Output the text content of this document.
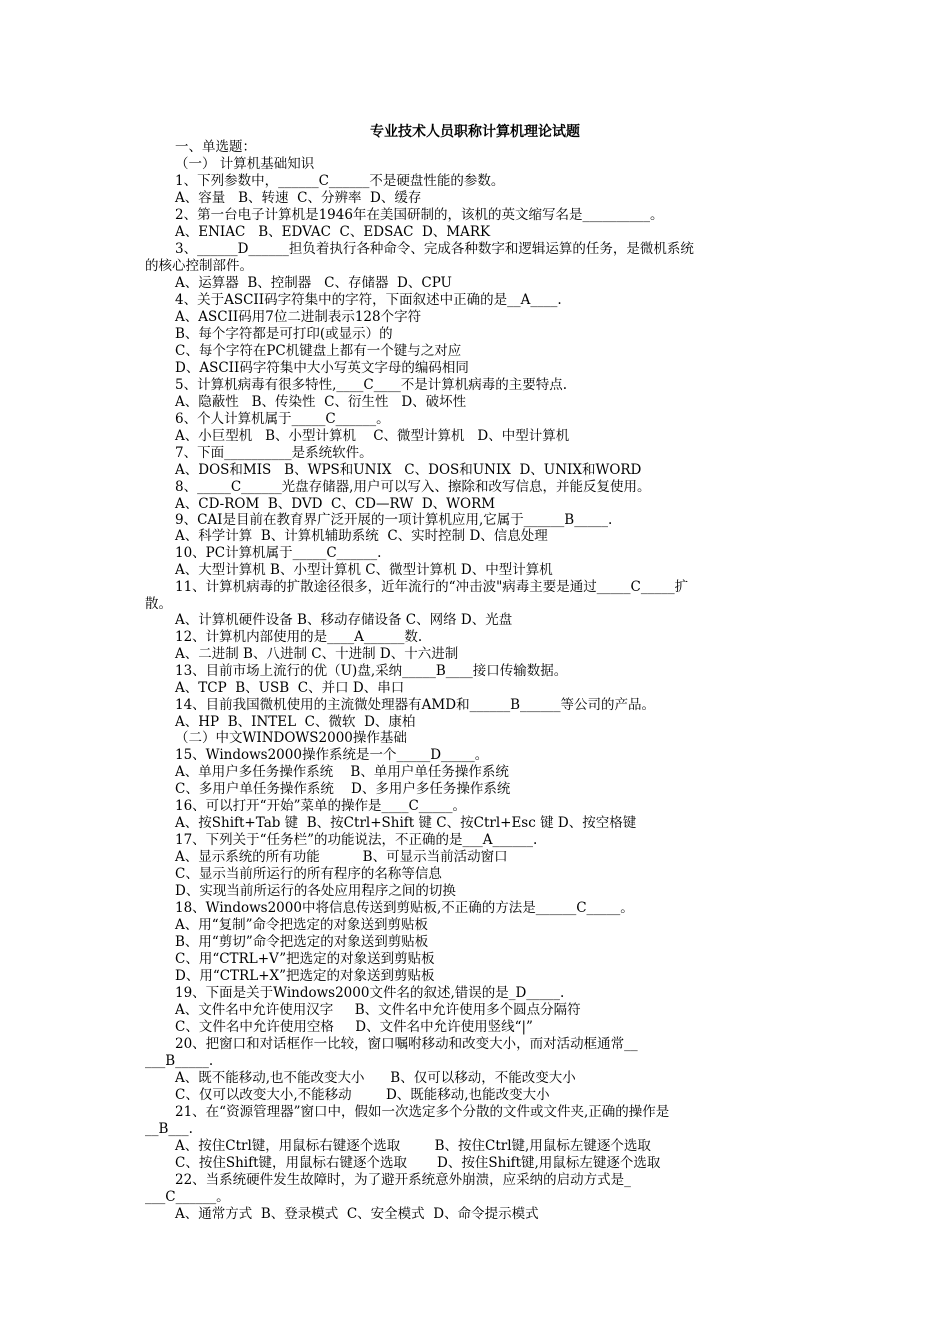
专业技术人员职称计算机理论试题
一、单选题：
（一） 计算机基础知识
1、下列参数中，______C______不是硬盘性能的参数。
A、容量   B、转速  C、分辨率  D、缓存
2、第一台电子计算机是1946年在美国研制的，该机的英文缩写名是__________。
A、ENIAC   B、EDVAC  C、EDSAC  D、MARK
3、______D______担负着执行各种命令、完成各种数字和逻辑运算的任务，是微机系统
的核心控制部件。
A、运算器  B、控制器   C、存储器  D、CPU
4、关于ASCII码字符集中的字符，下面叙述中正确的是__A____.
A、ASCII码用7位二进制表示128个字符
B、每个字符都是可打印(或显示）的
C、每个字符在PC机键盘上都有一个键与之对应
D、ASCII码字符集中大小写英文字母的编码相同
5、计算机病毒有很多特性,____C____不是计算机病毒的主要特点.
A、隐蔽性   B、传染性  C、衍生性   D、破坏性
6、个人计算机属于_____C______。
A、小巨型机   B、小型计算机    C、微型计算机   D、中型计算机
7、下面__________是系统软件。
A、DOS和MIS   B、WPS和UNIX   C、DOS和UNIX  D、UNIX和WORD
8、_____C______光盘存储器,用户可以写入、擦除和改写信息，并能反复使用。
A、CD-ROM  B、DVD  C、CD—RW  D、WORM
9、CAI是目前在教育界广泛开展的一项计算机应用,它属于______B_____.
A、科学计算  B、计算机辅助系统  C、实时控制 D、信息处理
10、PC计算机属于_____C______.
A、大型计算机 B、小型计算机 C、微型计算机 D、中型计算机
11、计算机病毒的扩散途径很多，近年流行的“冲击波"病毒主要是通过_____C_____扩
散。
A、计算机硬件设备 B、移动存储设备 C、网络 D、光盘
12、计算机内部使用的是____A______数.
A、二进制 B、八进制 C、十进制 D、十六进制
13、目前市场上流行的优（U)盘,采纳_____B____接口传输数据。
A、TCP  B、USB  C、并口 D、串口
14、目前我国微机使用的主流微处理器有AMD和______B______等公司的产品。
A、HP  B、INTEL  C、微软  D、康柏
（二）中文WINDOWS2000操作基础
15、Windows2000操作系统是一个_____D_____。
A、单用户多任务操作系统    B、单用户单任务操作系统
C、多用户单任务操作系统    D、多用户多任务操作系统
16、可以打开“开始”菜单的操作是____C_____。
A、按Shift+Tab 键  B、按Ctrl+Shift 键 C、按Ctrl+Esc 键 D、按空格键
17、下列关于“任务栏”的功能说法，不正确的是___A______.
A、显示系统的所有功能          B、可显示当前活动窗口
C、显示当前所运行的所有程序的名称等信息
D、实现当前所运行的各处应用程序之间的切换
18、Windows2000中将信息传送到剪贴板,不正确的方法是______C_____。
A、用“复制”命令把选定的对象送到剪贴板
B、用“剪切”命令把选定的对象送到剪贴板
C、用“CTRL+V”把选定的对象送到剪贴板
D、用“CTRL+X”把选定的对象送到剪贴板
19、下面是关于Windows2000文件名的叙述,错误的是_D_____.
A、文件名中允许使用汉字     B、文件名中允许使用多个圆点分隔符
C、文件名中允许使用空格     D、文件名中允许使用竖线“|”
20、把窗口和对话框作一比较，窗口嘱咐移动和改变大小，而对活动框通常__
___B_____.
A、既不能移动,也不能改变大小      B、仅可以移动，不能改变大小
C、仅可以改变大小,不能移动        D、既能移动,也能改变大小
21、在“资源管理器”窗口中，假如一次选定多个分散的文件或文件夹,正确的操作是
__B___.
A、按住Ctrl键，用鼠标右键逐个选取        B、按住Ctrl键,用鼠标左键逐个选取
C、按住Shift键，用鼠标右键逐个选取       D、按住Shift键,用鼠标左键逐个选取
22、当系统硬件发生故障时，为了避开系统意外崩溃，应采纳的启动方式是_
___C______。
A、通常方式  B、登录模式  C、安全模式  D、命令提示模式
